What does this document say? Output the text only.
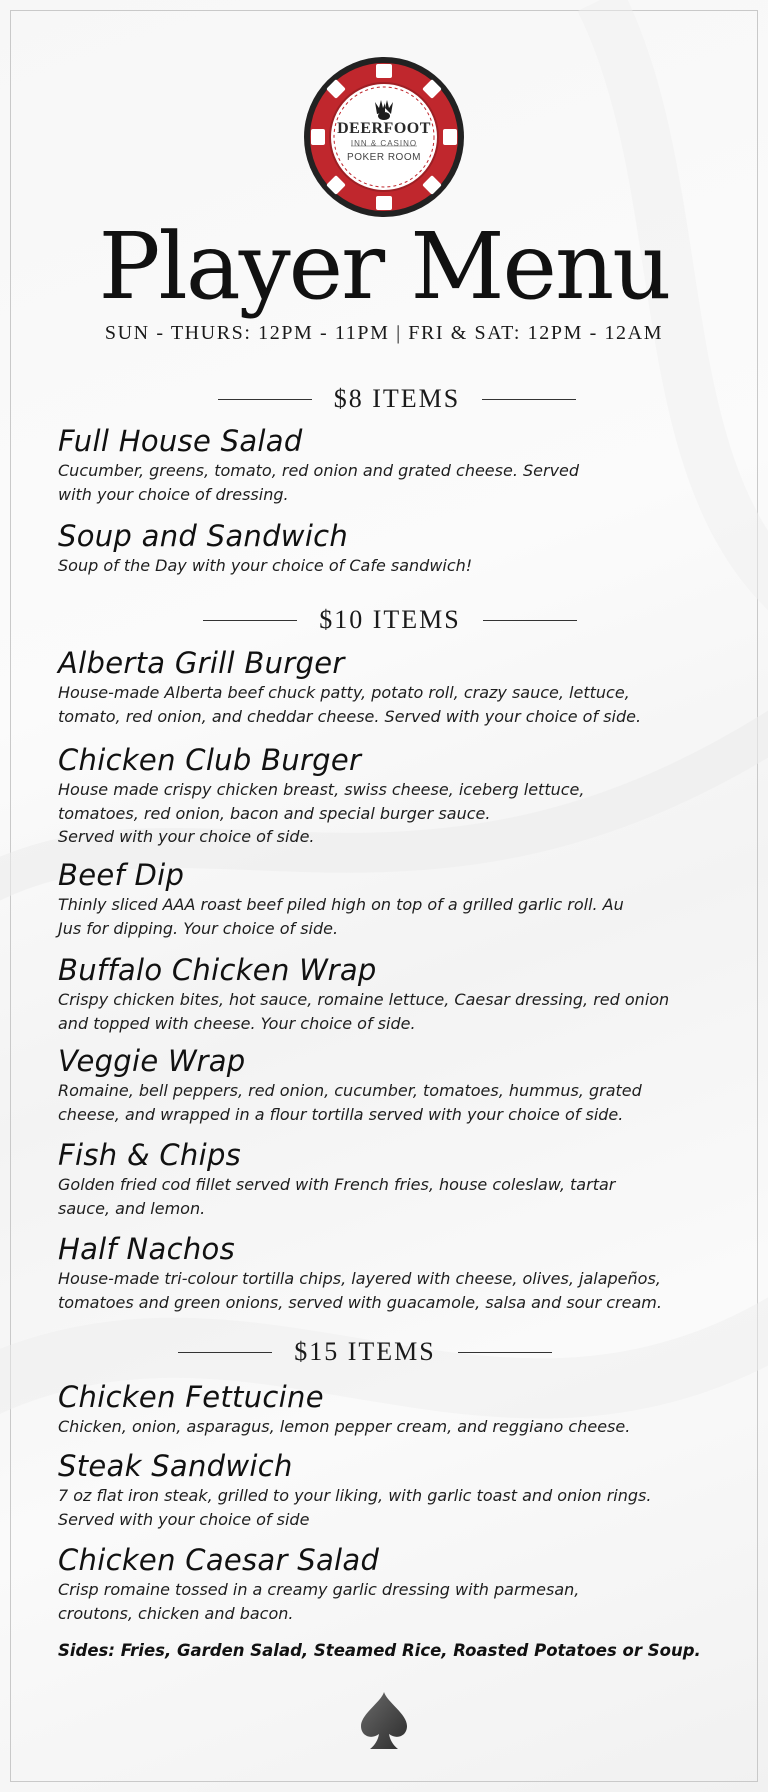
DEERFOOT
INN & CASINO
POKER ROOM
Player Menu
SUN - THURS: 12PM - 11PM | FRI & SAT: 12PM - 12AM
$8 ITEMS
Full House Salad

Cucumber, greens, tomato, red onion and grated cheese. Served
with your choice of dressing.

Soup and Sandwich

Soup of the Day with your choice of Cafe sandwich!

$10 ITEMS
Alberta Grill Burger

House-made Alberta beef chuck patty, potato roll, crazy sauce, lettuce,
tomato, red onion, and cheddar cheese. Served with your choice of side.

Chicken Club Burger

House made crispy chicken breast, swiss cheese, iceberg lettuce,
tomatoes, red onion, bacon and special burger sauce.
Served with your choice of side.

Beef Dip

Thinly sliced AAA roast beef piled high on top of a grilled garlic roll. Au
Jus for dipping. Your choice of side.

Buffalo Chicken Wrap

Crispy chicken bites, hot sauce, romaine lettuce, Caesar dressing, red onion
and topped with cheese. Your choice of side.

Veggie Wrap

Romaine, bell peppers, red onion, cucumber, tomatoes, hummus, grated
cheese, and wrapped in a flour tortilla served with your choice of side.

Fish & Chips

Golden fried cod fillet served with French fries, house coleslaw, tartar
sauce, and lemon.

Half Nachos

House-made tri-colour tortilla chips, layered with cheese, olives, jalapeños,
tomatoes and green onions, served with guacamole, salsa and sour cream.

$15 ITEMS
Chicken Fettucine

Chicken, onion, asparagus, lemon pepper cream, and reggiano cheese.

Steak Sandwich

7 oz flat iron steak, grilled to your liking, with garlic toast and onion rings.
Served with your choice of side

Chicken Caesar Salad

Crisp romaine tossed in a creamy garlic dressing with parmesan,
croutons, chicken and bacon.

Sides: Fries, Garden Salad, Steamed Rice, Roasted Potatoes or Soup.
